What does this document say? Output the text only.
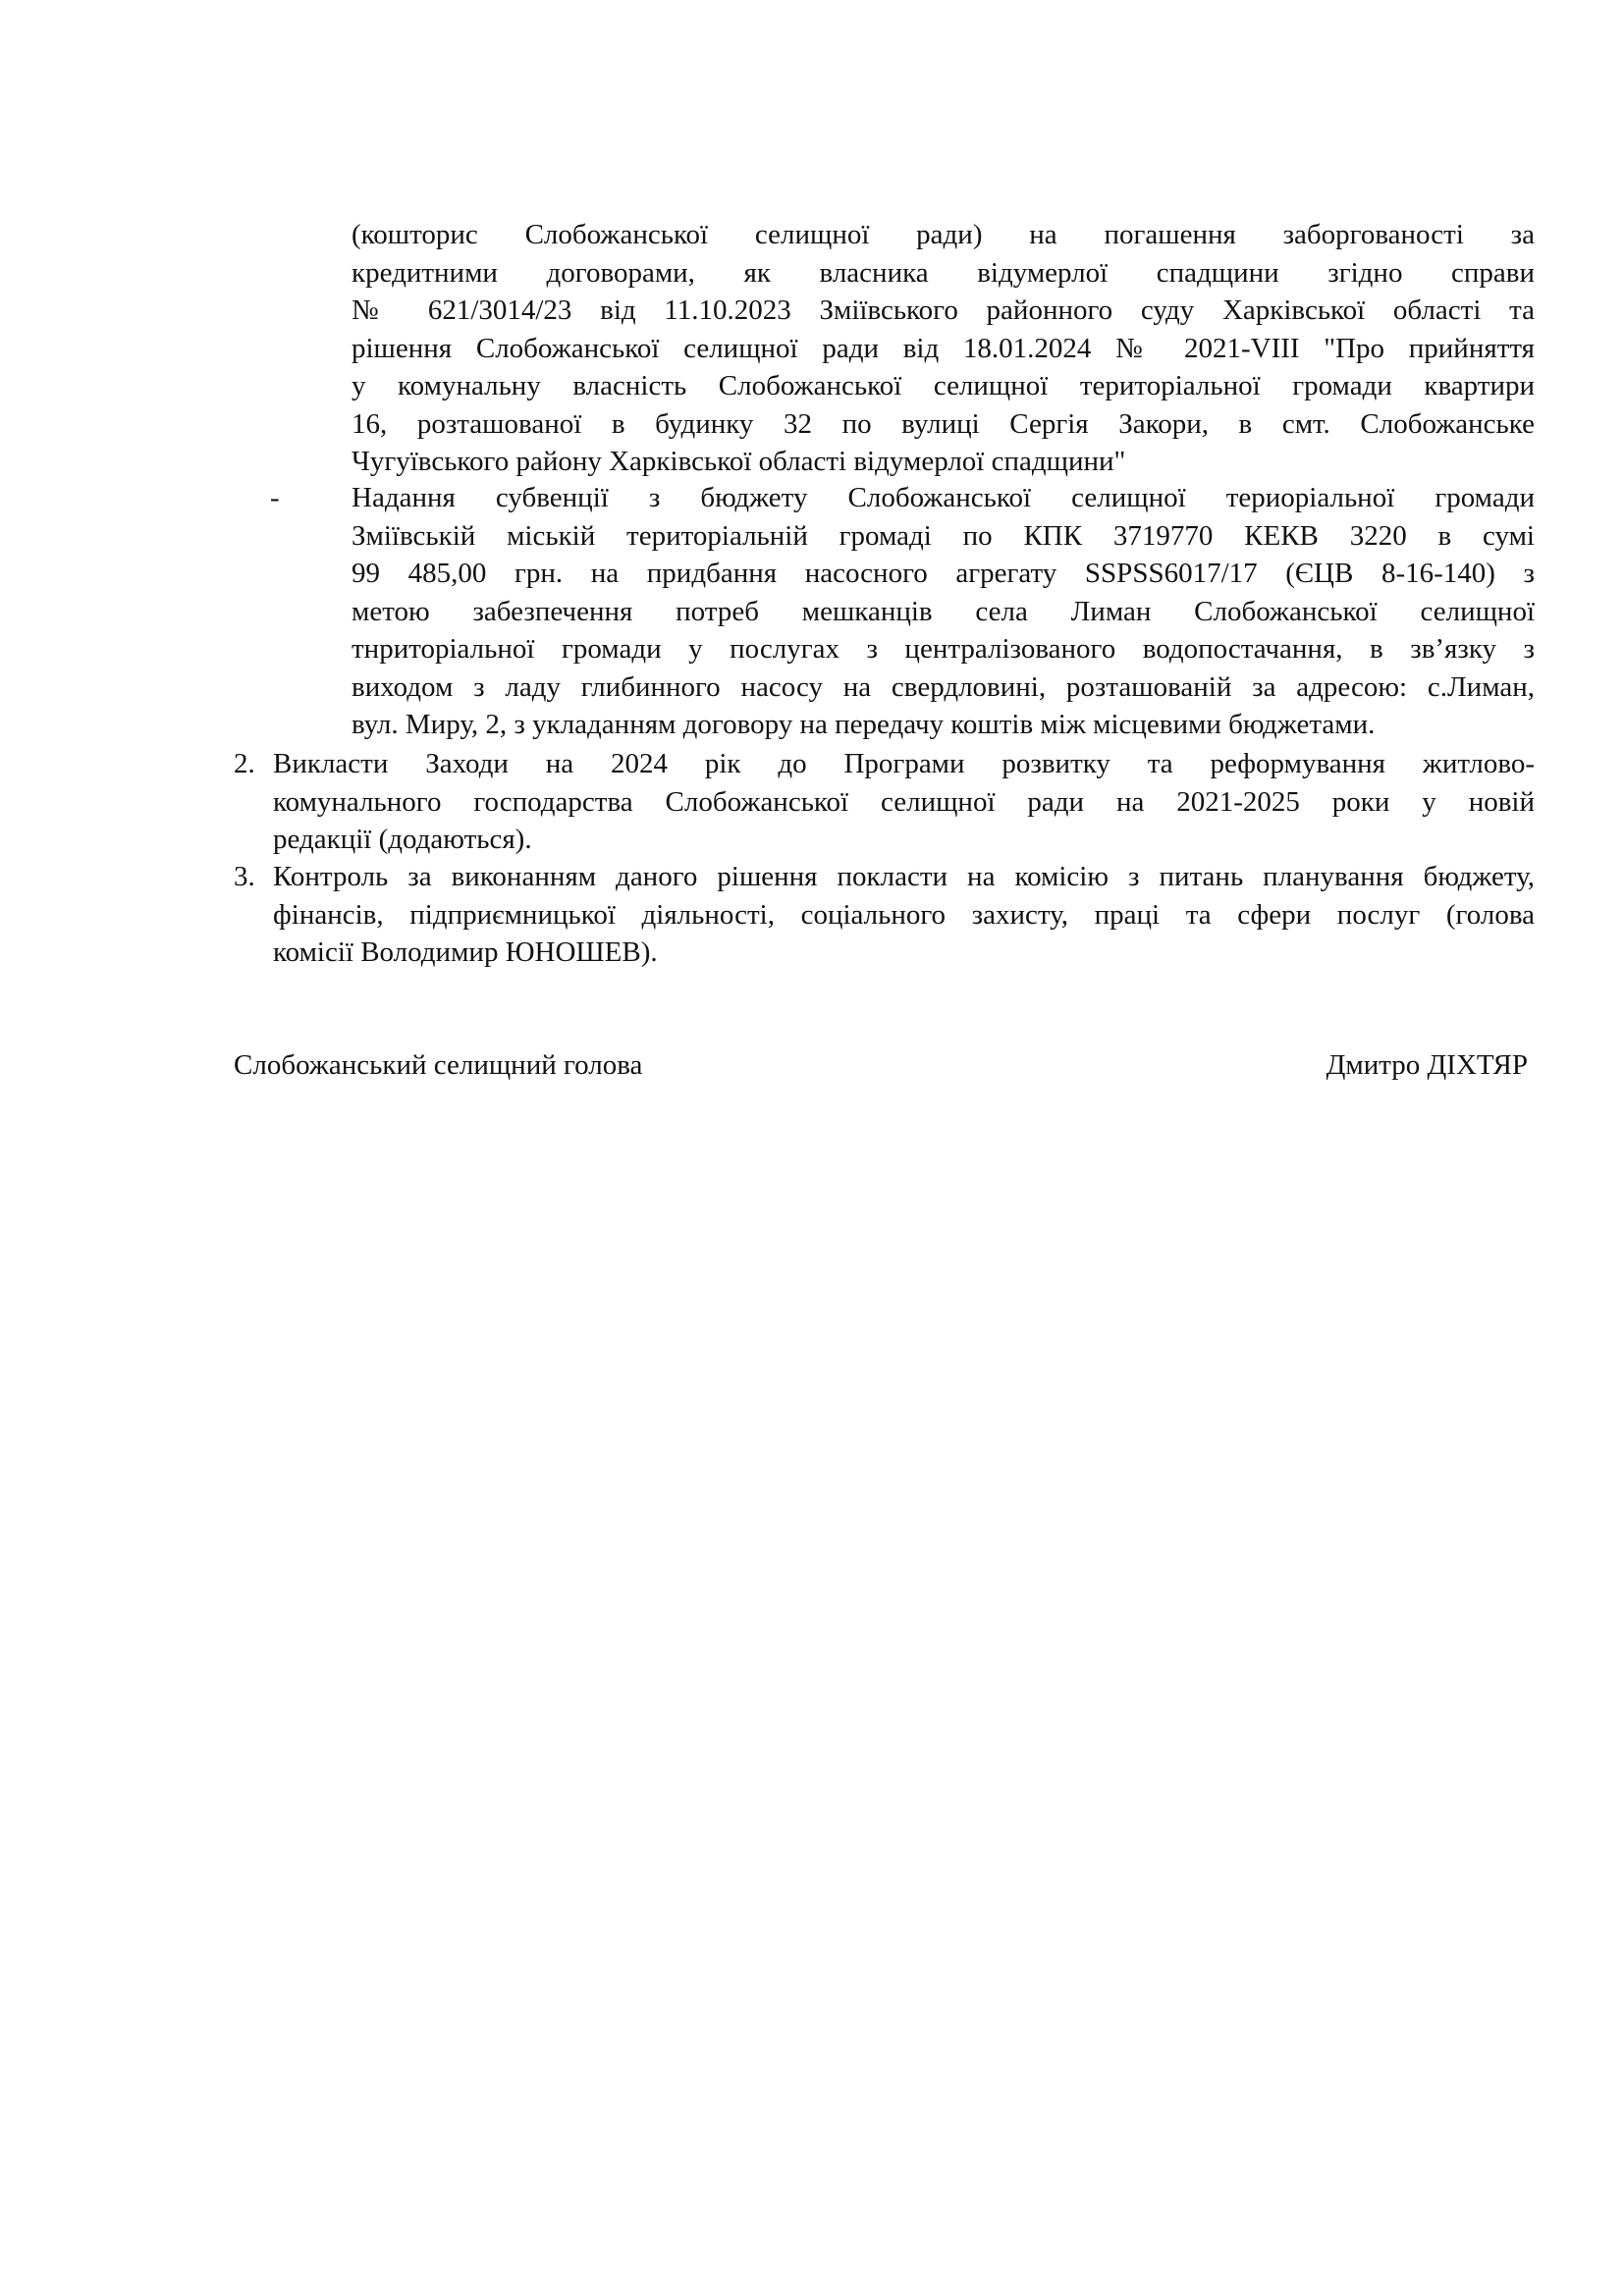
(кошторис Слобожанської селищної ради) на погашення заборгованості за
кредитними договорами, як власника відумерлої спадщини згідно справи
№ 621/3014/23 від 11.10.2023 Зміївського районного суду Харківської області та
рішення Слобожанської селищної ради від 18.01.2024 № 2021-VIII "Про прийняття
у комунальну власність Слобожанської селищної територіальної громади квартири
16, розташованої в будинку 32 по вулиці Сергія Закори, в смт. Слобожанське
Чугуївського району Харківської області відумерлої спадщини"
-	Надання субвенції з бюджету Слобожанської селищної териоріальної громади
Зміївській міській територіальній громаді по КПК 3719770 КЕКВ 3220 в сумі
99 485,00 грн. на придбання насосного агрегату SSPSS6017/17 (ЄЦВ 8-16-140) з
метою забезпечення потреб мешканців села Лиман Слобожанської селищної
тнриторіальної громади у послугах з централізованого водопостачання, в зв’язку з
виходом з ладу глибинного насосу на свердловині, розташованій за адресою: с.Лиман,
вул. Миру, 2, з укладанням договору на передачу коштів між місцевими бюджетами.
2. Викласти Заходи на 2024 рік до Програми розвитку та реформування житлово-
комунального господарства Слобожанської селищної ради на 2021-2025 роки у новій
редакції (додаються).
3. Контроль за виконанням даного рішення покласти на комісію з питань планування бюджету,
фінансів, підприємницької діяльності, соціального захисту, праці та сфери послуг (голова
комісії Володимир ЮНОШЕВ).
Слобожанський селищний голова	Дмитро ДІХТЯР
